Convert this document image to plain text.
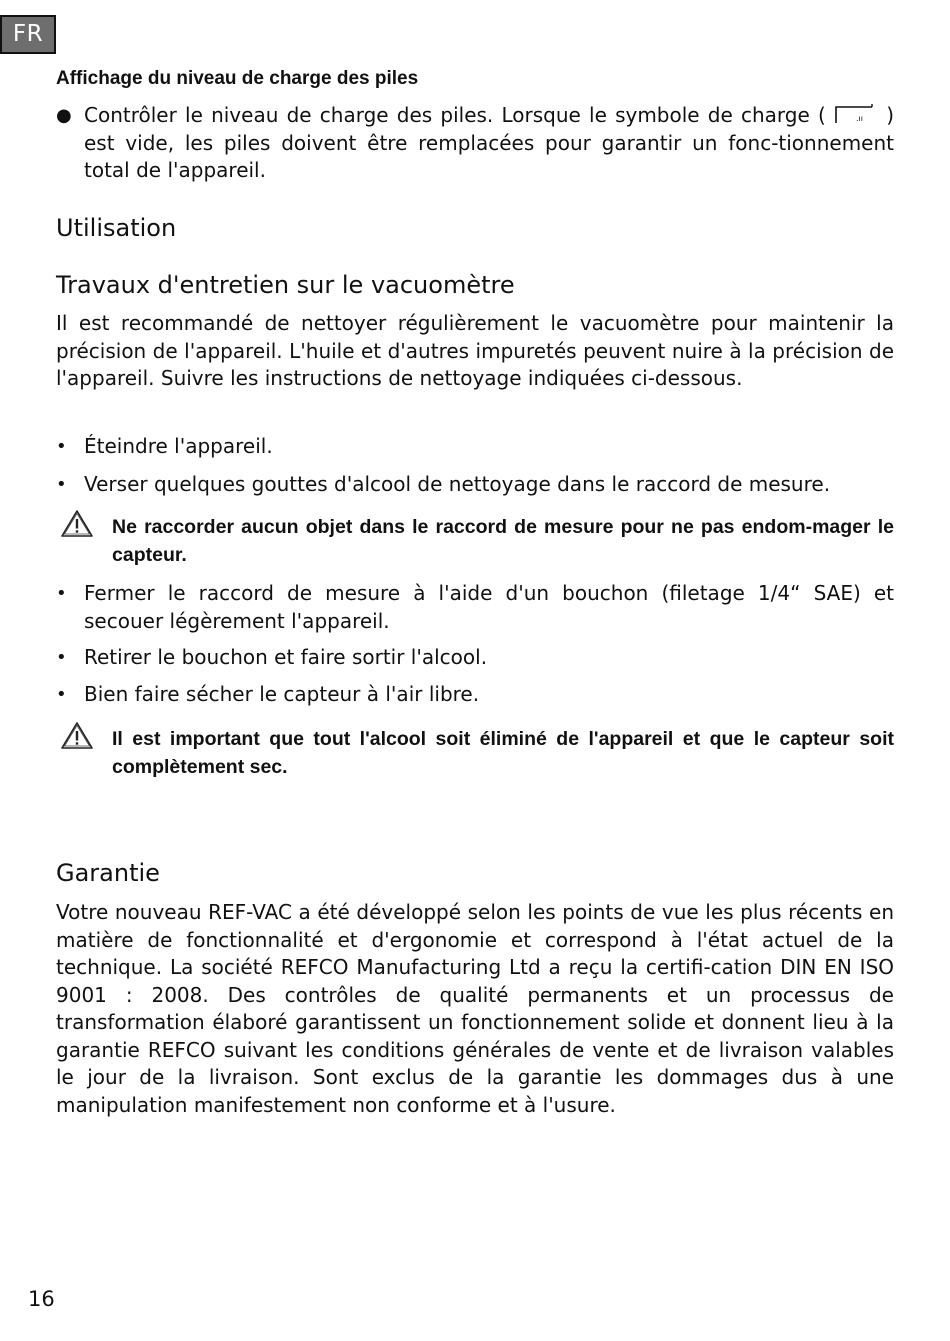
FR
Affichage du niveau de charge des piles
● Contrôler le niveau de charge des piles. Lorsque le symbole de charge (	.ıı ) est vide, les piles doivent être remplacées pour garantir un fonc-tionnement total de l'appareil.
Utilisation
Travaux d'entretien sur le vacuomètre

Il est recommandé de nettoyer régulièrement le vacuomètre pour maintenir la précision de l'appareil. L'huile et d'autres impuretés peuvent nuire à la précision de l'appareil. Suivre les instructions de nettoyage indiquées ci-dessous.

• Éteindre l'appareil.
• Verser quelques gouttes d'alcool de nettoyage dans le raccord de mesure.
Ne raccorder aucun objet dans le raccord de mesure pour ne pas endom-mager le capteur.
• Fermer le raccord de mesure à l'aide d'un bouchon (filetage 1/4“ SAE) et secouer légèrement l'appareil.
• Retirer le bouchon et faire sortir l'alcool.
• Bien faire sécher le capteur à l'air libre.
Il est important que tout l'alcool soit éliminé de l'appareil et que le capteur soit complètement sec.
Garantie

Votre nouveau REF-VAC a été développé selon les points de vue les plus récents en matière de fonctionnalité et d'ergonomie et correspond à l'état actuel de la technique. La société REFCO Manufacturing Ltd a reçu la certifi-cation DIN EN ISO 9001 : 2008. Des contrôles de qualité permanents et un processus de transformation élaboré garantissent un fonctionnement solide et donnent lieu à la garantie REFCO suivant les conditions générales de vente et de livraison valables le jour de la livraison. Sont exclus de la garantie les dommages dus à une manipulation manifestement non conforme et à l'usure.

16
